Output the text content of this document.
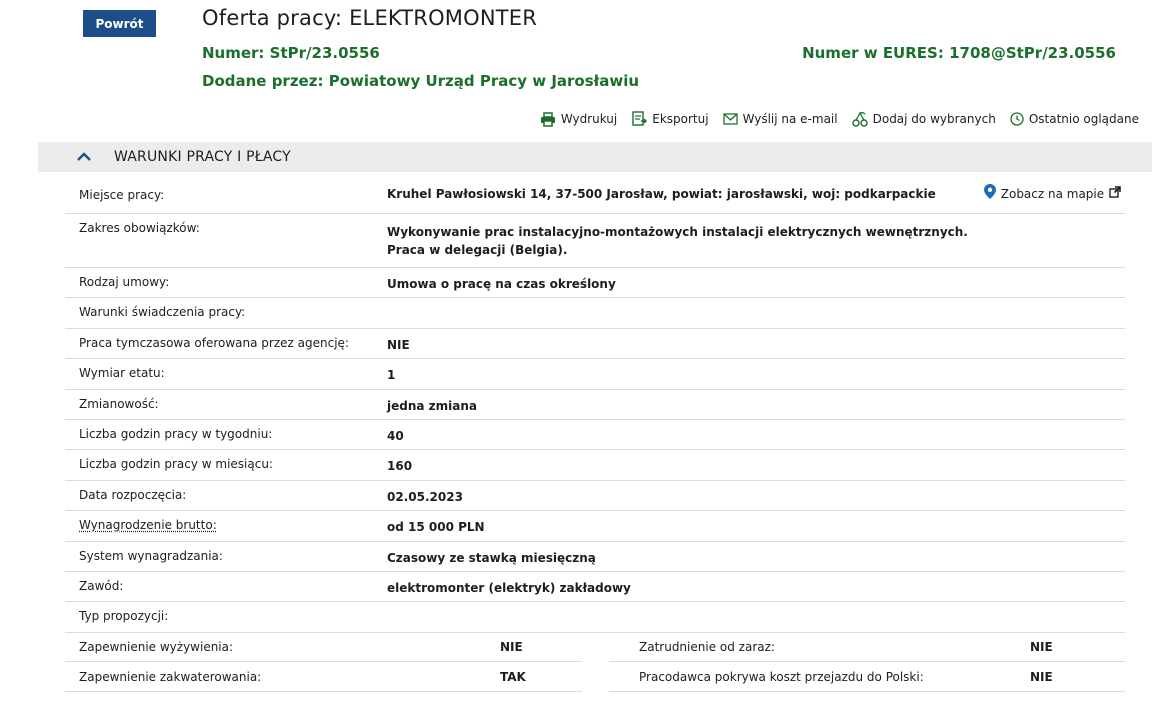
Powrót	Oferta pracy: ELEKTROMONTER
Numer: StPr/23.0556	Numer w EURES: 1708@StPr/23.0556
Dodane przez: Powiatowy Urząd Pracy w Jarosławiu
Wydrukuj	Eksportuj	Wyślij na e-mail	Dodaj do wybranych	Ostatnio oglądane
WARUNKI PRACY I PŁACY
Miejsce pracy:	Kruhel Pawłosiowski 14, 37-500 Jarosław, powiat: jarosławski, woj: podkarpackie	Zobacz na mapie
Zakres obowiązków:	Wykonywanie prac instalacyjno-montażowych instalacji elektrycznych wewnętrznych.
Praca w delegacji (Belgia).
Rodzaj umowy:	Umowa o pracę na czas określony
Warunki świadczenia pracy:
Praca tymczasowa oferowana przez agencję:	NIE
Wymiar etatu:	1
Zmianowość:	jedna zmiana
Liczba godzin pracy w tygodniu:	40
Liczba godzin pracy w miesiącu:	160
Data rozpoczęcia:	02.05.2023
Wynagrodzenie brutto:	od 15 000 PLN
System wynagradzania:	Czasowy ze stawką miesięczną
Zawód:	elektromonter (elektryk) zakładowy
Typ propozycji:
Zapewnienie wyżywienia:	NIE	Zatrudnienie od zaraz:	NIE
Zapewnienie zakwaterowania:	TAK	Pracodawca pokrywa koszt przejazdu do Polski:	NIE
